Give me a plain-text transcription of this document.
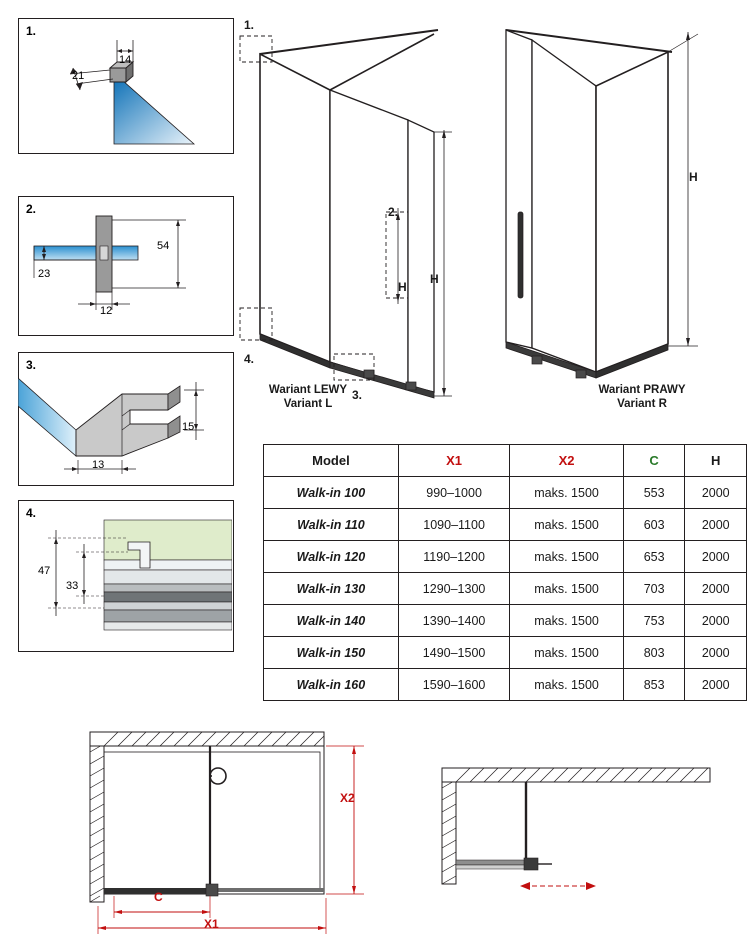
1.
21
14
2.
23
54
12
3.
13
15
4.
47
33
1.
2.
4.
3.
H
H
Wariant LEWY
Variant L
H
Wariant PRAWY
Variant R
Model	X1	X2	C	H
Walk-in 100	990–1000	maks. 1500	553	2000
Walk-in 110	1090–1100	maks. 1500	603	2000
Walk-in 120	1190–1200	maks. 1500	653	2000
Walk-in 130	1290–1300	maks. 1500	703	2000
Walk-in 140	1390–1400	maks. 1500	753	2000
Walk-in 150	1490–1500	maks. 1500	803	2000
Walk-in 160	1590–1600	maks. 1500	853	2000
C
X1
X2
